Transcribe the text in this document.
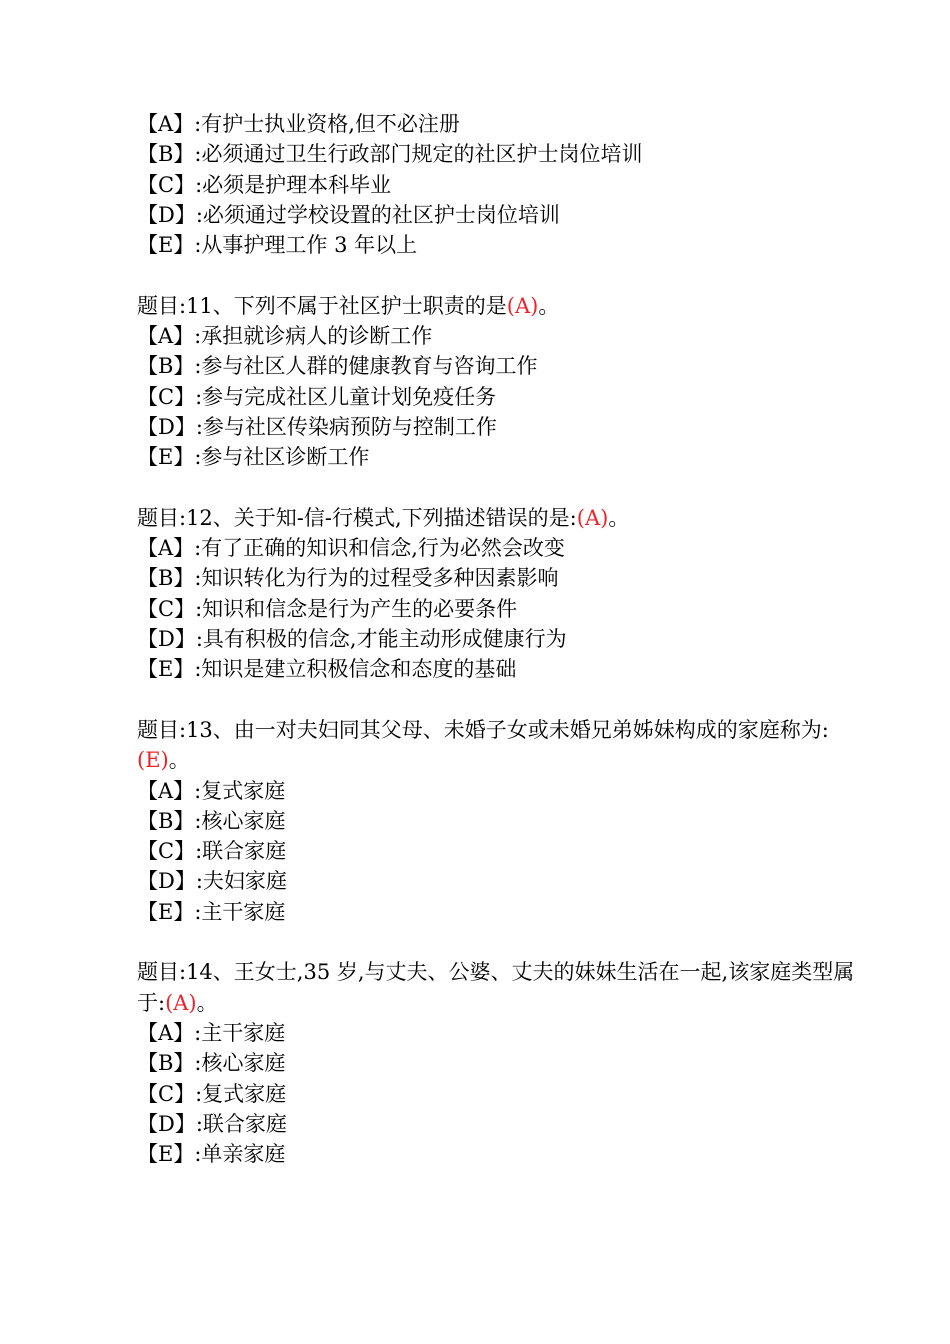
【A】:有护士执业资格,但不必注册
【B】:必须通过卫生行政部门规定的社区护士岗位培训
【C】:必须是护理本科毕业
【D】:必须通过学校设置的社区护士岗位培训
【E】:从事护理工作 3 年以上
题目:11、下列不属于社区护士职责的是(A)。
【A】:承担就诊病人的诊断工作
【B】:参与社区人群的健康教育与咨询工作
【C】:参与完成社区儿童计划免疫任务
【D】:参与社区传染病预防与控制工作
【E】:参与社区诊断工作
题目:12、关于知-信-行模式,下列描述错误的是:(A)。
【A】:有了正确的知识和信念,行为必然会改变
【B】:知识转化为行为的过程受多种因素影响
【C】:知识和信念是行为产生的必要条件
【D】:具有积极的信念,才能主动形成健康行为
【E】:知识是建立积极信念和态度的基础
题目:13、由一对夫妇同其父母、未婚子女或未婚兄弟姊妹构成的家庭称为:(E)。
【A】:复式家庭
【B】:核心家庭
【C】:联合家庭
【D】:夫妇家庭
【E】:主干家庭
题目:14、王女士,35 岁,与丈夫、公婆、丈夫的妹妹生活在一起,该家庭类型属于:(A)。
【A】:主干家庭
【B】:核心家庭
【C】:复式家庭
【D】:联合家庭
【E】:单亲家庭
